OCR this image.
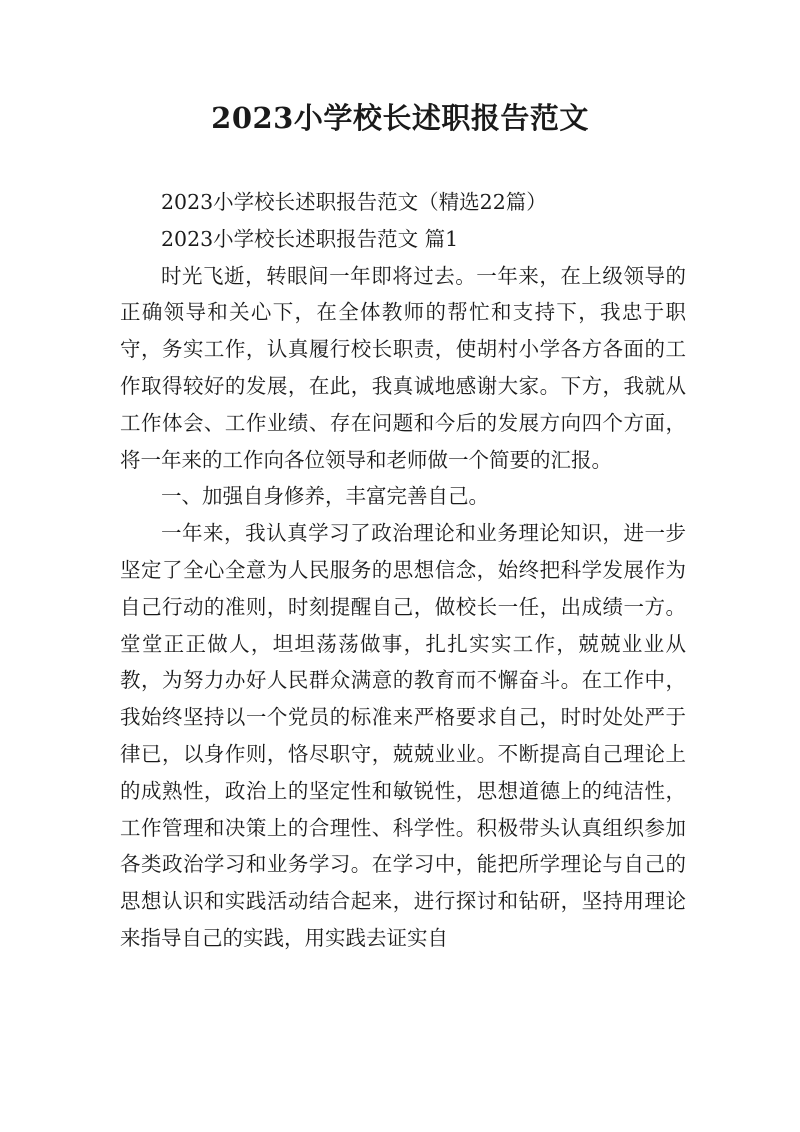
2023小学校长述职报告范文

2023小学校长述职报告范文（精选22篇）

2023小学校长述职报告范文 篇1

时光飞逝，转眼间一年即将过去。一年来，在上级领导的正确领导和关心下，在全体教师的帮忙和支持下，我忠于职守，务实工作，认真履行校长职责，使胡村小学各方各面的工作取得较好的发展，在此，我真诚地感谢大家。下方，我就从工作体会、工作业绩、存在问题和今后的发展方向四个方面，将一年来的工作向各位领导和老师做一个简要的汇报。

一、加强自身修养，丰富完善自己。

一年来，我认真学习了政治理论和业务理论知识，进一步坚定了全心全意为人民服务的思想信念，始终把科学发展作为自己行动的准则，时刻提醒自己，做校长一任，出成绩一方。堂堂正正做人，坦坦荡荡做事，扎扎实实工作，兢兢业业从教，为努力办好人民群众满意的教育而不懈奋斗。在工作中，我始终坚持以一个党员的标准来严格要求自己，时时处处严于律已，以身作则，恪尽职守，兢兢业业。不断提高自己理论上的成熟性，政治上的坚定性和敏锐性，思想道德上的纯洁性，工作管理和决策上的合理性、科学性。积极带头认真组织参加各类政治学习和业务学习。在学习中，能把所学理论与自己的思想认识和实践活动结合起来，进行探讨和钻研，坚持用理论来指导自己的实践，用实践去证实自
